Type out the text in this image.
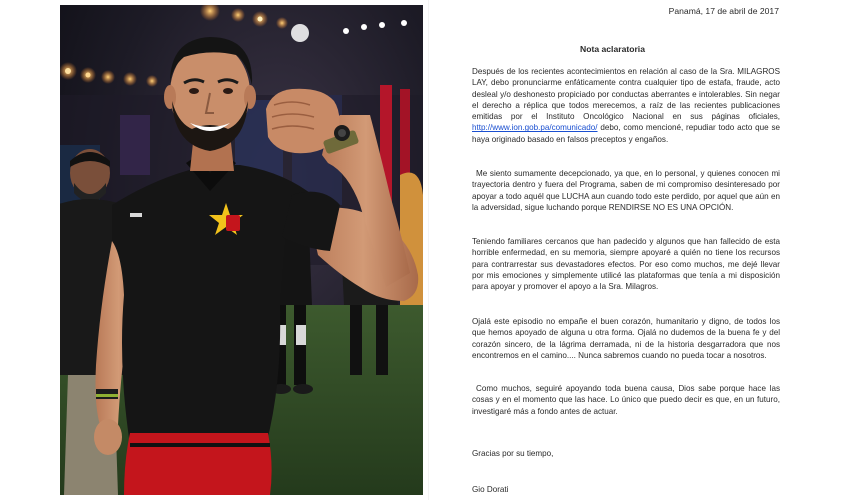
Panamá, 17 de abril de 2017
Nota aclaratoria

Después de los recientes acontecimientos en relación al caso de la Sra. MILAGROS LAY, debo pronunciarme enfáticamente contra cualquier tipo de estafa, fraude, acto desleal y/o deshonesto propiciado por conductas aberrantes e intolerables. Sin negar el derecho a réplica que todos merecemos, a raíz de las recientes publicaciones emitidas por el Instituto Oncológico Nacional en sus páginas oficiales, http://www.ion.gob.pa/comunicado/ debo, como mencioné, repudiar todo acto que se haya originado basado en falsos preceptos y engaños.

Me siento sumamente decepcionado, ya que, en lo personal, y quienes conocen mi trayectoria dentro y fuera del Programa, saben de mi compromiso desinteresado por apoyar a todo aquél que LUCHA aun cuando todo este perdido, por aquel que aún en la adversidad, sigue luchando porque RENDIRSE NO ES UNA OPCIÓN.

Teniendo familiares cercanos que han padecido y algunos que han fallecido de esta horrible enfermedad, en su memoria, siempre apoyaré a quién no tiene los recursos para contrarrestar sus devastadores efectos. Por eso como muchos, me dejé llevar por mis emociones y simplemente utilicé las plataformas que tenía a mi disposición para apoyar y promover el apoyo a la Sra. Milagros.

Ojalá este episodio no empañe el buen corazón, humanitario y digno, de todos los que hemos apoyado de alguna u otra forma. Ojalá no dudemos de la buena fe y del corazón sincero, de la lágrima derramada, ni de la historia desgarradora que nos encontremos en el camino.... Nunca sabremos cuando no pueda tocar a nosotros.

Como muchos, seguiré apoyando toda buena causa, Dios sabe porque hace las cosas y en el momento que las hace. Lo único que puedo decir es que, en un futuro, investigaré más a fondo antes de actuar.

Gracias por su tiempo,
Gio Dorati
